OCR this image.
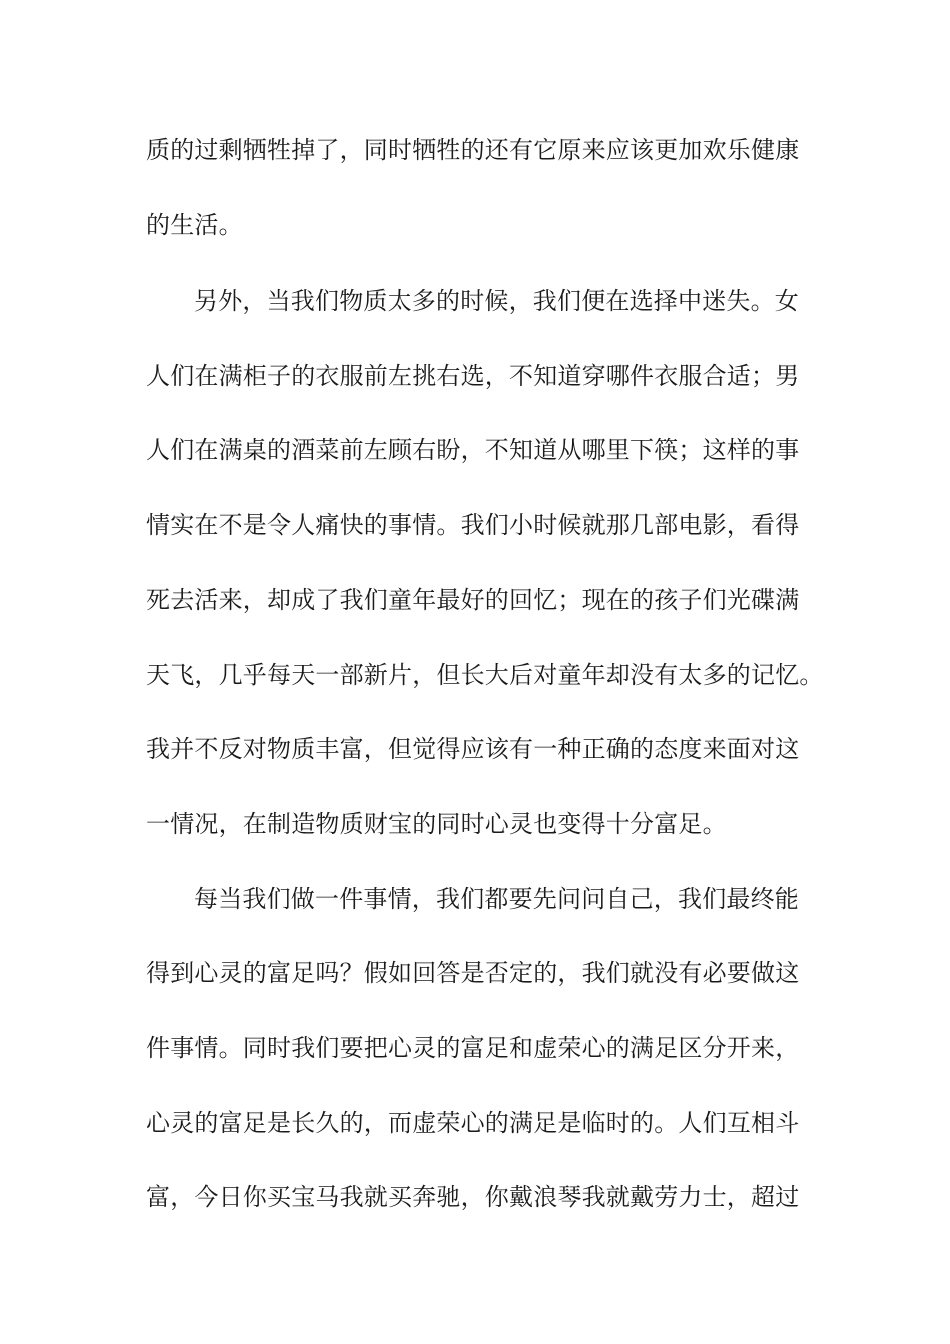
质的过剩牺牲掉了，同时牺牲的还有它原来应该更加欢乐健康
的生活。
另外，当我们物质太多的时候，我们便在选择中迷失。女
人们在满柜子的衣服前左挑右选，不知道穿哪件衣服合适；男
人们在满桌的酒菜前左顾右盼，不知道从哪里下筷；这样的事
情实在不是令人痛快的事情。我们小时候就那几部电影，看得
死去活来，却成了我们童年最好的回忆；现在的孩子们光碟满
天飞，几乎每天一部新片，但长大后对童年却没有太多的记忆。
我并不反对物质丰富，但觉得应该有一种正确的态度来面对这
一情况，在制造物质财宝的同时心灵也变得十分富足。
每当我们做一件事情，我们都要先问问自己，我们最终能
得到心灵的富足吗？假如回答是否定的，我们就没有必要做这
件事情。同时我们要把心灵的富足和虚荣心的满足区分开来，
心灵的富足是长久的，而虚荣心的满足是临时的。人们互相斗
富，今日你买宝马我就买奔驰，你戴浪琴我就戴劳力士，超过
